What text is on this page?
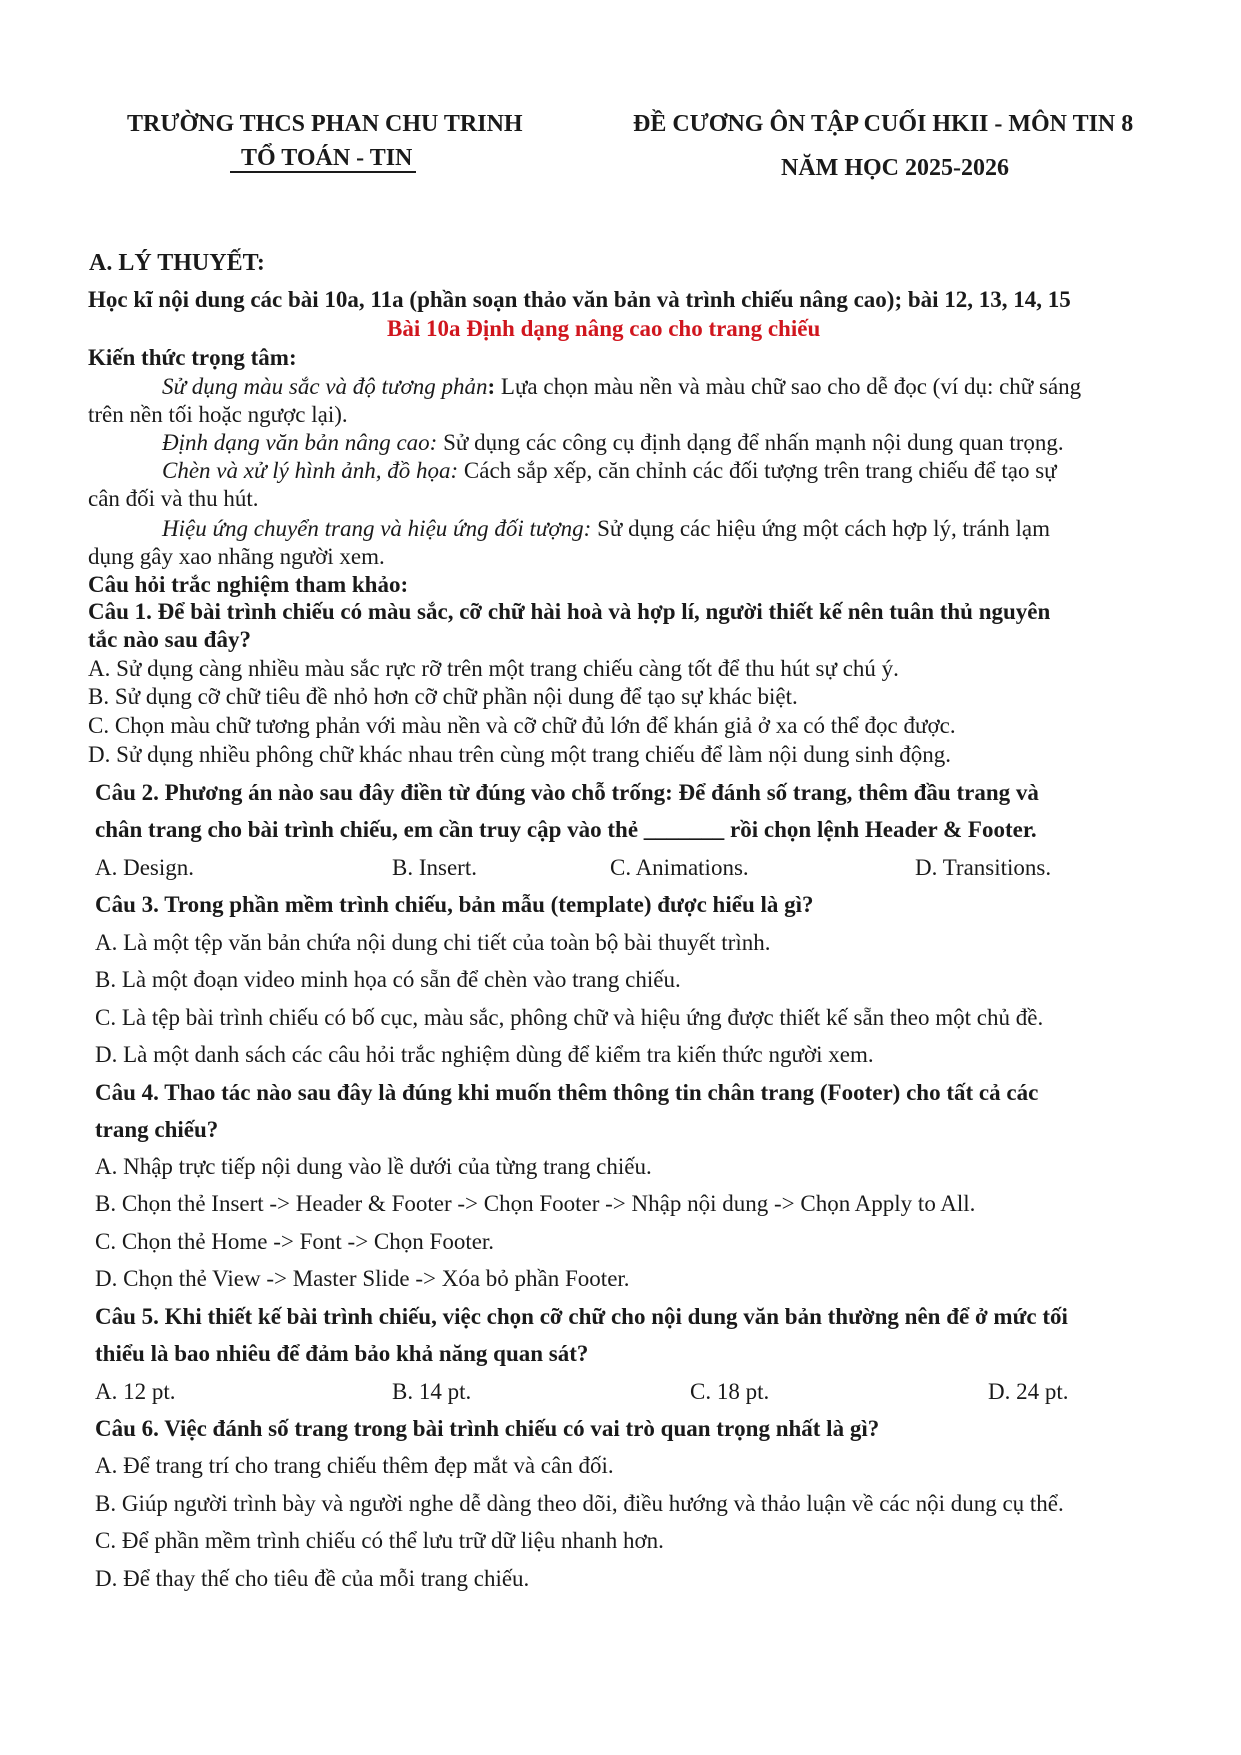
TRƯỜNG THCS PHAN CHU TRINH
TỔ TOÁN - TIN
ĐỀ CƯƠNG ÔN TẬP CUỐI HKII - MÔN TIN 8
NĂM HỌC 2025-2026
A. LÝ THUYẾT:
Học kĩ nội dung các bài 10a, 11a (phần soạn thảo văn bản và trình chiếu nâng cao); bài 12, 13, 14, 15
Bài 10a Định dạng nâng cao cho trang chiếu
Kiến thức trọng tâm:
Sử dụng màu sắc và độ tương phản: Lựa chọn màu nền và màu chữ sao cho dễ đọc (ví dụ: chữ sáng
trên nền tối hoặc ngược lại).
Định dạng văn bản nâng cao: Sử dụng các công cụ định dạng để nhấn mạnh nội dung quan trọng.
Chèn và xử lý hình ảnh, đồ họa: Cách sắp xếp, căn chỉnh các đối tượng trên trang chiếu để tạo sự
cân đối và thu hút.
Hiệu ứng chuyển trang và hiệu ứng đối tượng: Sử dụng các hiệu ứng một cách hợp lý, tránh lạm
dụng gây xao nhãng người xem.
Câu hỏi trắc nghiệm tham khảo:
Câu 1. Để bài trình chiếu có màu sắc, cỡ chữ hài hoà và hợp lí, người thiết kế nên tuân thủ nguyên
tắc nào sau đây?
A. Sử dụng càng nhiều màu sắc rực rỡ trên một trang chiếu càng tốt để thu hút sự chú ý.
B. Sử dụng cỡ chữ tiêu đề nhỏ hơn cỡ chữ phần nội dung để tạo sự khác biệt.
C. Chọn màu chữ tương phản với màu nền và cỡ chữ đủ lớn để khán giả ở xa có thể đọc được.
D. Sử dụng nhiều phông chữ khác nhau trên cùng một trang chiếu để làm nội dung sinh động.
Câu 2. Phương án nào sau đây điền từ đúng vào chỗ trống: Để đánh số trang, thêm đầu trang và
chân trang cho bài trình chiếu, em cần truy cập vào thẻ _______ rồi chọn lệnh Header & Footer.
A. Design.	B. Insert.	C. Animations.	D. Transitions.
Câu 3. Trong phần mềm trình chiếu, bản mẫu (template) được hiểu là gì?
A. Là một tệp văn bản chứa nội dung chi tiết của toàn bộ bài thuyết trình.
B. Là một đoạn video minh họa có sẵn để chèn vào trang chiếu.
C. Là tệp bài trình chiếu có bố cục, màu sắc, phông chữ và hiệu ứng được thiết kế sẵn theo một chủ đề.
D. Là một danh sách các câu hỏi trắc nghiệm dùng để kiểm tra kiến thức người xem.
Câu 4. Thao tác nào sau đây là đúng khi muốn thêm thông tin chân trang (Footer) cho tất cả các
trang chiếu?
A. Nhập trực tiếp nội dung vào lề dưới của từng trang chiếu.
B. Chọn thẻ Insert -> Header & Footer -> Chọn Footer -> Nhập nội dung -> Chọn Apply to All.
C. Chọn thẻ Home -> Font -> Chọn Footer.
D. Chọn thẻ View -> Master Slide -> Xóa bỏ phần Footer.
Câu 5. Khi thiết kế bài trình chiếu, việc chọn cỡ chữ cho nội dung văn bản thường nên để ở mức tối
thiểu là bao nhiêu để đảm bảo khả năng quan sát?
A. 12 pt.	B. 14 pt.	C. 18 pt.	D. 24 pt.
Câu 6. Việc đánh số trang trong bài trình chiếu có vai trò quan trọng nhất là gì?
A. Để trang trí cho trang chiếu thêm đẹp mắt và cân đối.
B. Giúp người trình bày và người nghe dễ dàng theo dõi, điều hướng và thảo luận về các nội dung cụ thể.
C. Để phần mềm trình chiếu có thể lưu trữ dữ liệu nhanh hơn.
D. Để thay thế cho tiêu đề của mỗi trang chiếu.
